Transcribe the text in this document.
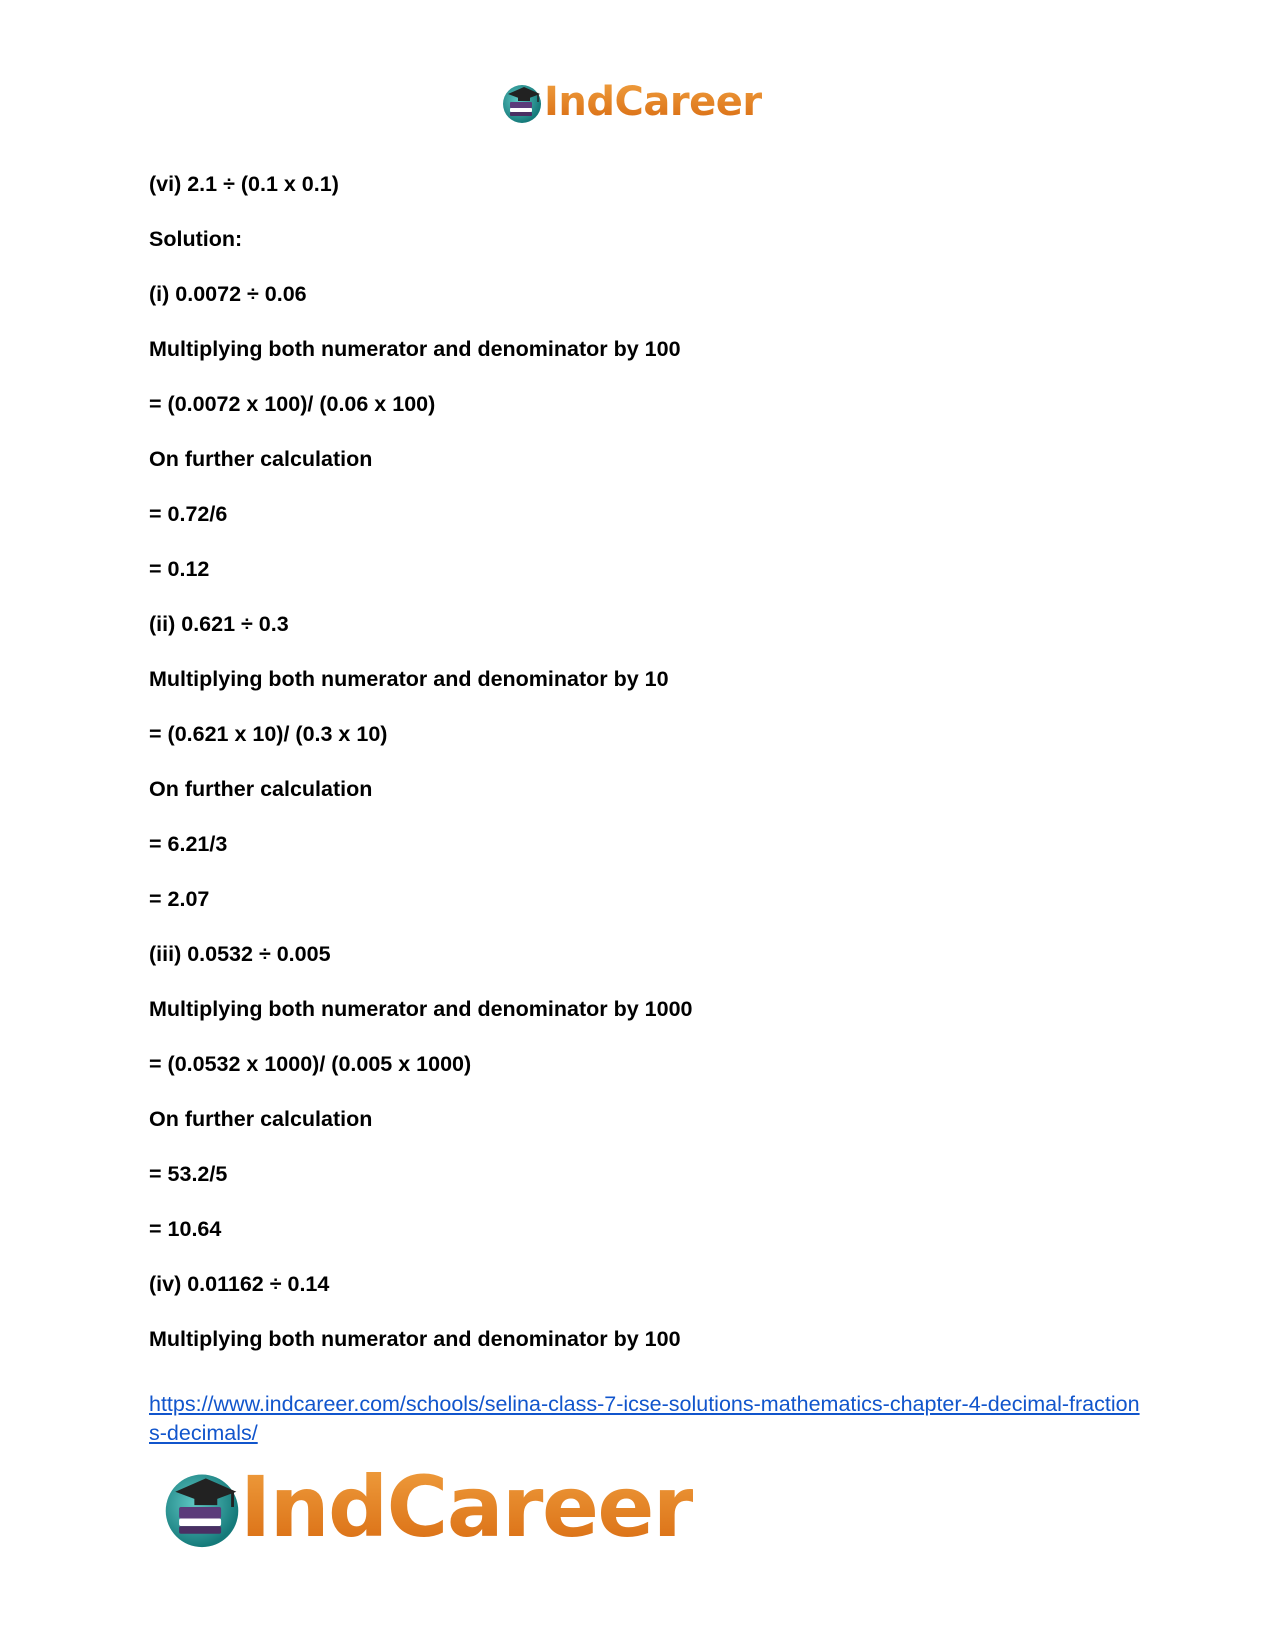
IndCareer
(vi) 2.1 ÷ (0.1 x 0.1)
Solution:
(i) 0.0072 ÷ 0.06
Multiplying both numerator and denominator by 100
= (0.0072 x 100)/ (0.06 x 100)
On further calculation
= 0.72/6
= 0.12
(ii) 0.621 ÷ 0.3
Multiplying both numerator and denominator by 10
= (0.621 x 10)/ (0.3 x 10)
On further calculation
= 6.21/3
= 2.07
(iii) 0.0532 ÷ 0.005
Multiplying both numerator and denominator by 1000
= (0.0532 x 1000)/ (0.005 x 1000)
On further calculation
= 53.2/5
= 10.64
(iv) 0.01162 ÷ 0.14
Multiplying both numerator and denominator by 100
https://www.indcareer.com/schools/selina-class-7-icse-solutions-mathematics-chapter-4-decimal-fractions-decimals/
IndCareer
